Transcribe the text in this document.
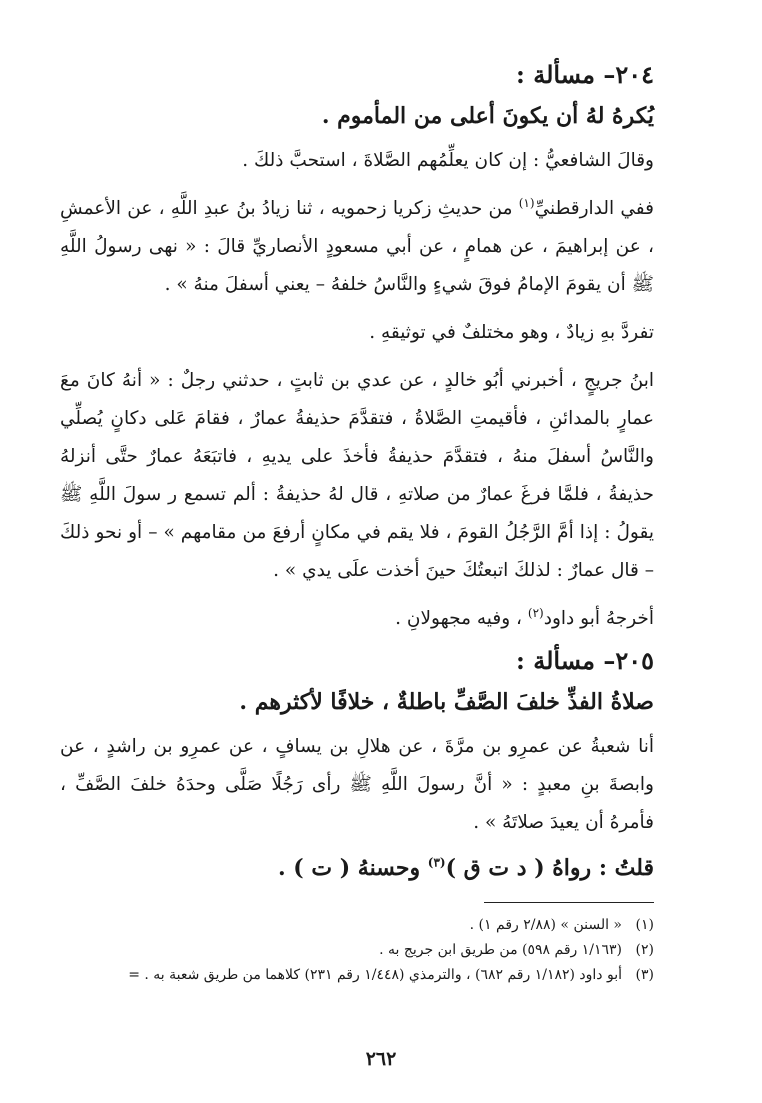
٢٠٤– مسألة :
يُكرهُ لهُ أن يكونَ أعلى من المأموم .

وقالَ الشافعيُّ : إن كان يعلِّمُهم الصَّلاةَ ، استحبَّ ذلكَ .

ففي الدارقطنيِّ$^{(١)}$ من حديثِ زكريا زحمويه ، ثنا زيادُ بنُ عبدِ اللَّهِ ، عن الأعمشِ ، عن إبراهيمَ ، عن همامٍ ، عن أبي مسعودٍ الأنصاريِّ قالَ : « نهى رسولُ اللَّهِ ﷺ أن يقومَ الإمامُ فوقَ شيءٍ والنَّاسُ خلفهُ – يعني أسفلَ منهُ » .

تفردَّ بهِ زيادٌ ، وهو مختلفٌ في توثيقهِ .

ابنُ جريجٍ ، أخبرني أبُو خالدٍ ، عن عدي بن ثابتٍ ، حدثني رجلٌ : « أنهُ كانَ معَ عمارٍ بالمدائنِ ، فأقيمتِ الصَّلاةُ ، فتقدَّمَ حذيفةُ عمارٌ ، فقامَ عَلى دكانٍ يُصلِّي والنَّاسُ أسفلَ منهُ ، فتقدَّمَ حذيفةُ فأخذَ على يديهِ ، فاتبَعَهُ عمارٌ حتَّى أنزلهُ حذيفةُ ، فلمَّا فرغَ عمارٌ من صلاتهِ ، قال لهُ حذيفةُ : ألم تسمع ر سولَ اللَّهِ ﷺ يقولُ : إذا أمَّ الرَّجُلُ القومَ ، فلا يقم في مكانٍ أرفعَ من مقامهم » – أو نحو ذلكَ – قال عمارٌ : لذلكَ اتبعتُكَ حينَ أخذت علَى يدي » .

أخرجهُ أبو داود$^{(٢)}$ ، وفيه مجهولانِ .

٢٠٥– مسألة :
صلاةُ الفذِّ خلفَ الصَّفِّ باطلةٌ ، خلافًا لأكثرهم .

أنا شعبةُ عن عمرِو بن مرَّةَ ، عن هلالِ بن يسافٍ ، عن عمرِو بن راشدٍ ، عن وابصةَ بنِ معبدٍ : « أنَّ رسولَ اللَّهِ ﷺ رأى رَجُلًا صَلَّى وحدَهُ خلفَ الصَّفِّ ، فأمرهُ أن يعيدَ صلاتَهُ » .

قلتُ : رواهُ ( د ت ق )$^{(٣)}$ وحسنهُ ( ت ) .
(١)
« السنن » (٢/٨٨ رقم ١) .
(٢)
(١/١٦٣ رقم ٥٩٨) من طريق ابن جريج به .
(٣)
أبو داود (١/١٨٢ رقم ٦٨٢) ، والترمذي (١/٤٤٨ رقم ٢٣١) كلاهما من طريق شعبة به . =
٢٦٢
